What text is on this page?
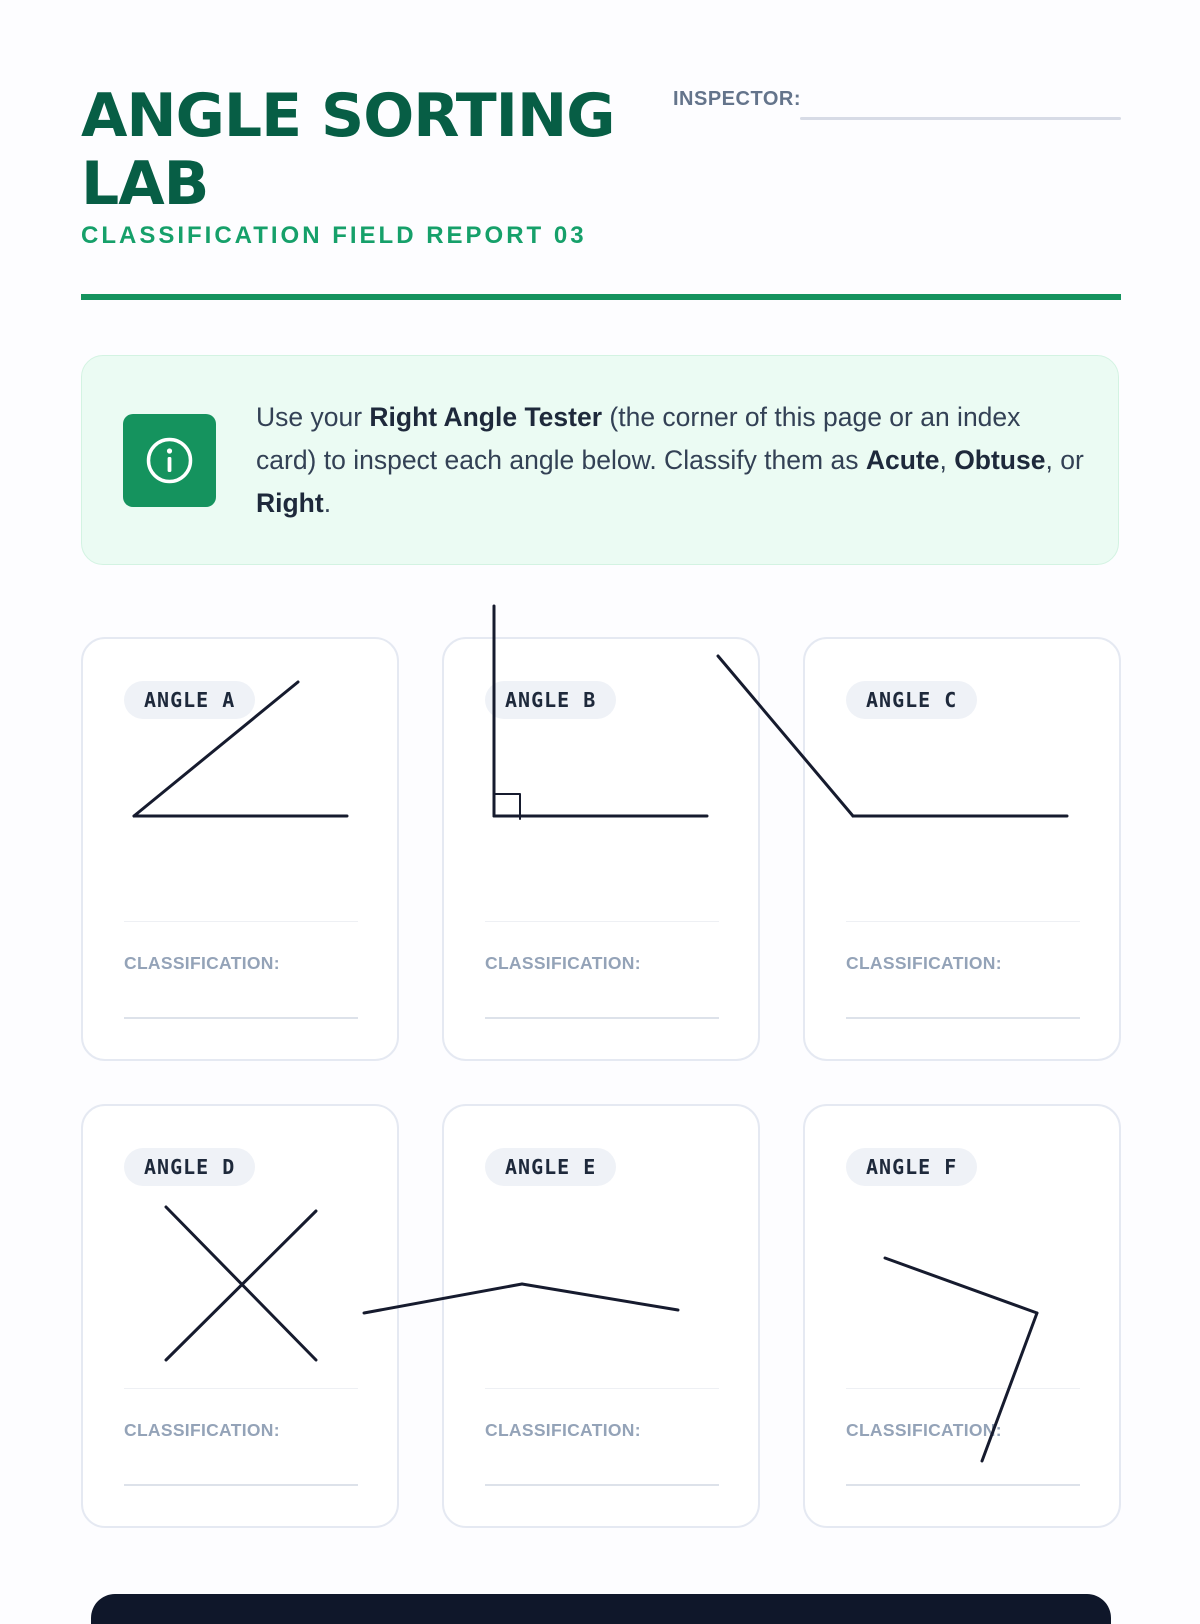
ANGLE SORTING LAB
CLASSIFICATION FIELD REPORT 03
INSPECTOR:
Use your Right Angle Tester (the corner of this page or an index card) to inspect each angle below. Classify them as Acute, Obtuse, or Right.
ANGLE A
CLASSIFICATION:
ANGLE B
CLASSIFICATION:
ANGLE C
CLASSIFICATION:
ANGLE D
CLASSIFICATION:
ANGLE E
CLASSIFICATION:
ANGLE F
CLASSIFICATION:
